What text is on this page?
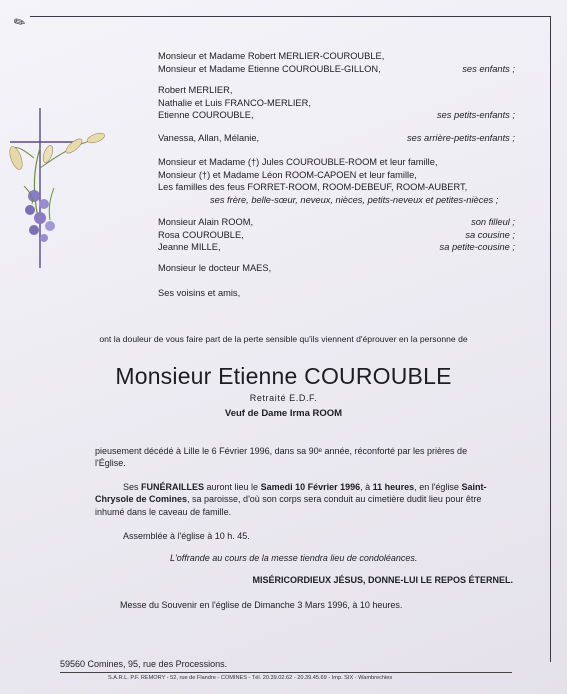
✎
Monsieur et Madame Robert MERLIER-COUROUBLE,
Monsieur et Madame Etienne COUROUBLE-GILLON,	ses enfants ;
Robert MERLIER,
Nathalie et Luis FRANCO-MERLIER,
Etienne COUROUBLE,	ses petits-enfants ;
Vanessa, Allan, Mélanie,	ses arrière-petits-enfants ;
Monsieur et Madame (†) Jules COUROUBLE-ROOM et leur famille,
Monsieur (†) et Madame Léon ROOM-CAPOEN et leur famille,
Les familles des feus FORRET-ROOM, ROOM-DEBEUF, ROOM-AUBERT,
ses frère, belle-sœur, neveux, nièces, petits-neveux et petites-nièces ;
Monsieur Alain ROOM,	son filleul ;
Rosa COUROUBLE,	sa cousine ;
Jeanne MILLE,	sa petite-cousine ;
Monsieur le docteur MAES,
Ses voisins et amis,
ont la douleur de vous faire part de la perte sensible qu'ils viennent d'éprouver en la personne de
Monsieur Etienne COUROUBLE
Retraité E.D.F.
Veuf de Dame Irma ROOM
pieusement décédé à Lille le 6 Février 1996, dans sa 90ᵉ année, réconforté par les prières de
l'Église.
Ses FUNÉRAILLES auront lieu le Samedi 10 Février 1996, à 11 heures, en l'église Saint-
Chrysole de Comines, sa paroisse, d'où son corps sera conduit au cimetière dudit lieu pour être
inhumé dans le caveau de famille.
Assemblée à l'église à 10 h. 45.
L'offrande au cours de la messe tiendra lieu de condoléances.
MISÉRICORDIEUX JÉSUS, DONNE-LUI LE REPOS ÉTERNEL.
Messe du Souvenir en l'église de Dimanche 3 Mars 1996, à 10 heures.
59560 Comines, 95, rue des Processions.
S.A.R.L. P.F. REMORY - 52, rue de Flandre - COMINES - Tél. 20.39.02.62 - 20.39.45.69 - Imp. SIX - Wambrechies
